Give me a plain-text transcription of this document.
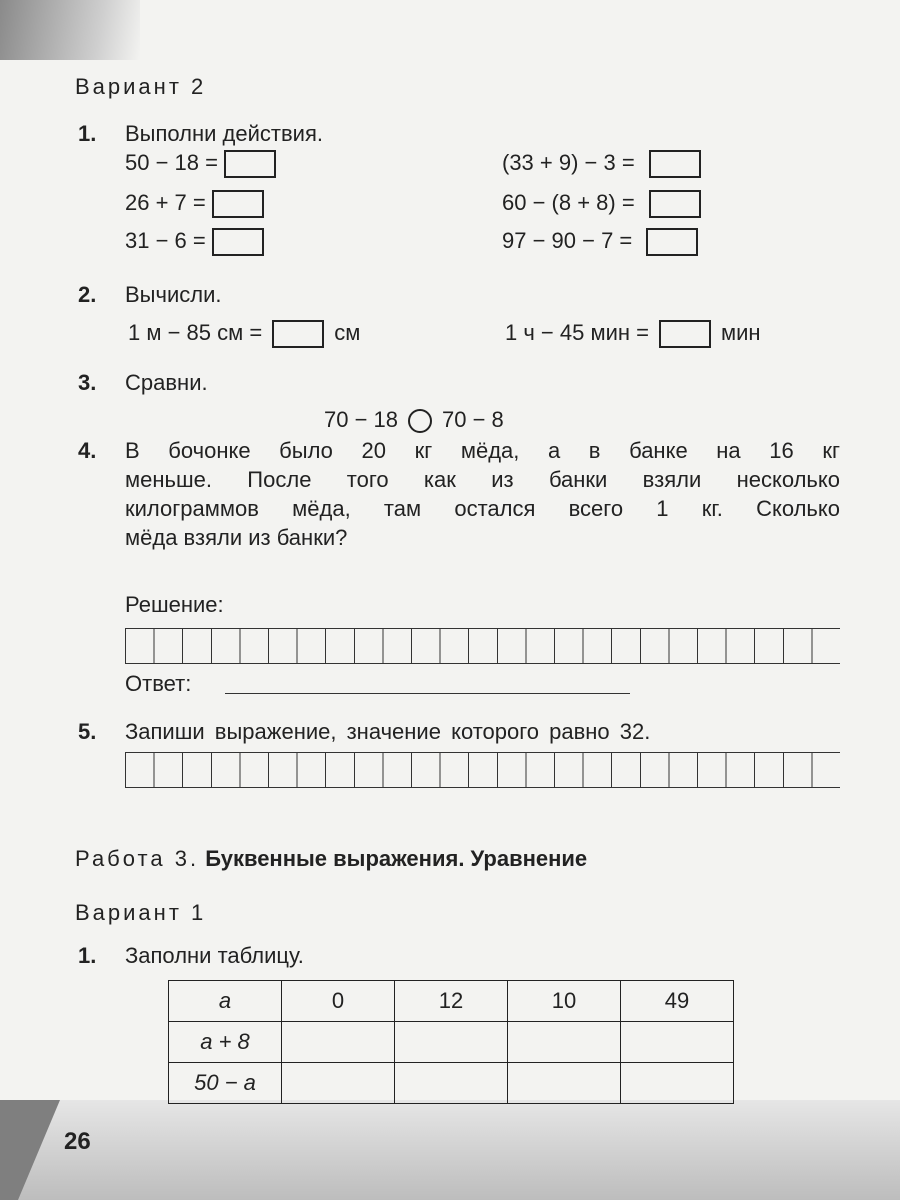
Вариант 2
1. Выполни действия.
50 − 18 =
26 + 7 =
31 − 6 =
(33 + 9) − 3 =
60 − (8 + 8) =
97 − 90 − 7 =
2. Вычисли.
1 м − 85 см =	см	1 ч − 45 мин =	мин
3. Сравни.
70 − 18 70 − 8
4. В бочонке было 20 кг мёда, а в банке на 16 кг
меньше. После того как из банки взяли несколько
килограммов мёда, там остался всего 1 кг. Сколько
мёда взяли из банки?
Решение:
Ответ:
5. Запиши выражение, значение которого равно 32.
Работа 3. Буквенные выражения. Уравнение
Вариант 1
1. Заполни таблицу.
a	0	12	10	49
a + 8				
50 − a				
26
